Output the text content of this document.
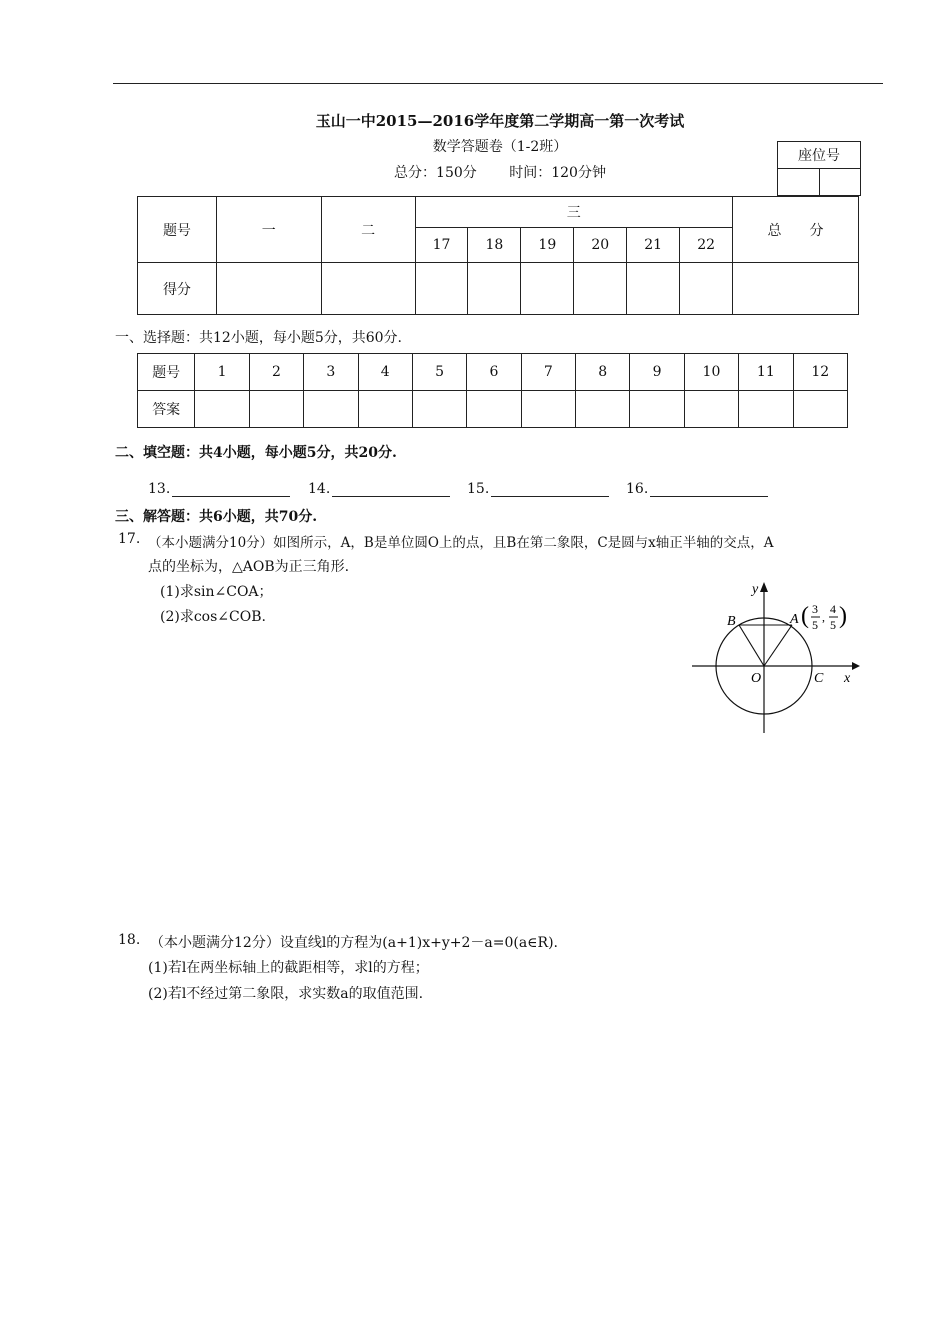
玉山一中2015—2016学年度第二学期高一第一次考试
数学答题卷（1-2班）
总分：150分 时间：120分钟
座位号

题号	一	二	三						总　　分
			17	18	19	20	21	22	
得分									
一、选择题：共12小题，每小题5分，共60分.
题号	1	2	3	4	5	6	7	8	9	10	11	12
答案												
二、填空题：共4小题，每小题5分，共20分.
13.	14.	15.	16.
三、解答题：共6小题，共70分.
17. （本小题满分10分）如图所示，A，B是单位圆O上的点，且B在第二象限，C是圆与x轴正半轴的交点，A
点的坐标为，△AOB为正三角形.
(1)求sin∠COA；
(2)求cos∠COB.
y
x
B	A
O	C
( 3
5
,
4
5 )
18. （本小题满分12分）设直线l的方程为(a+1)x+y+2－a=0(a∈R).
(1)若l在两坐标轴上的截距相等，求l的方程；
(2)若l不经过第二象限，求实数a的取值范围.
